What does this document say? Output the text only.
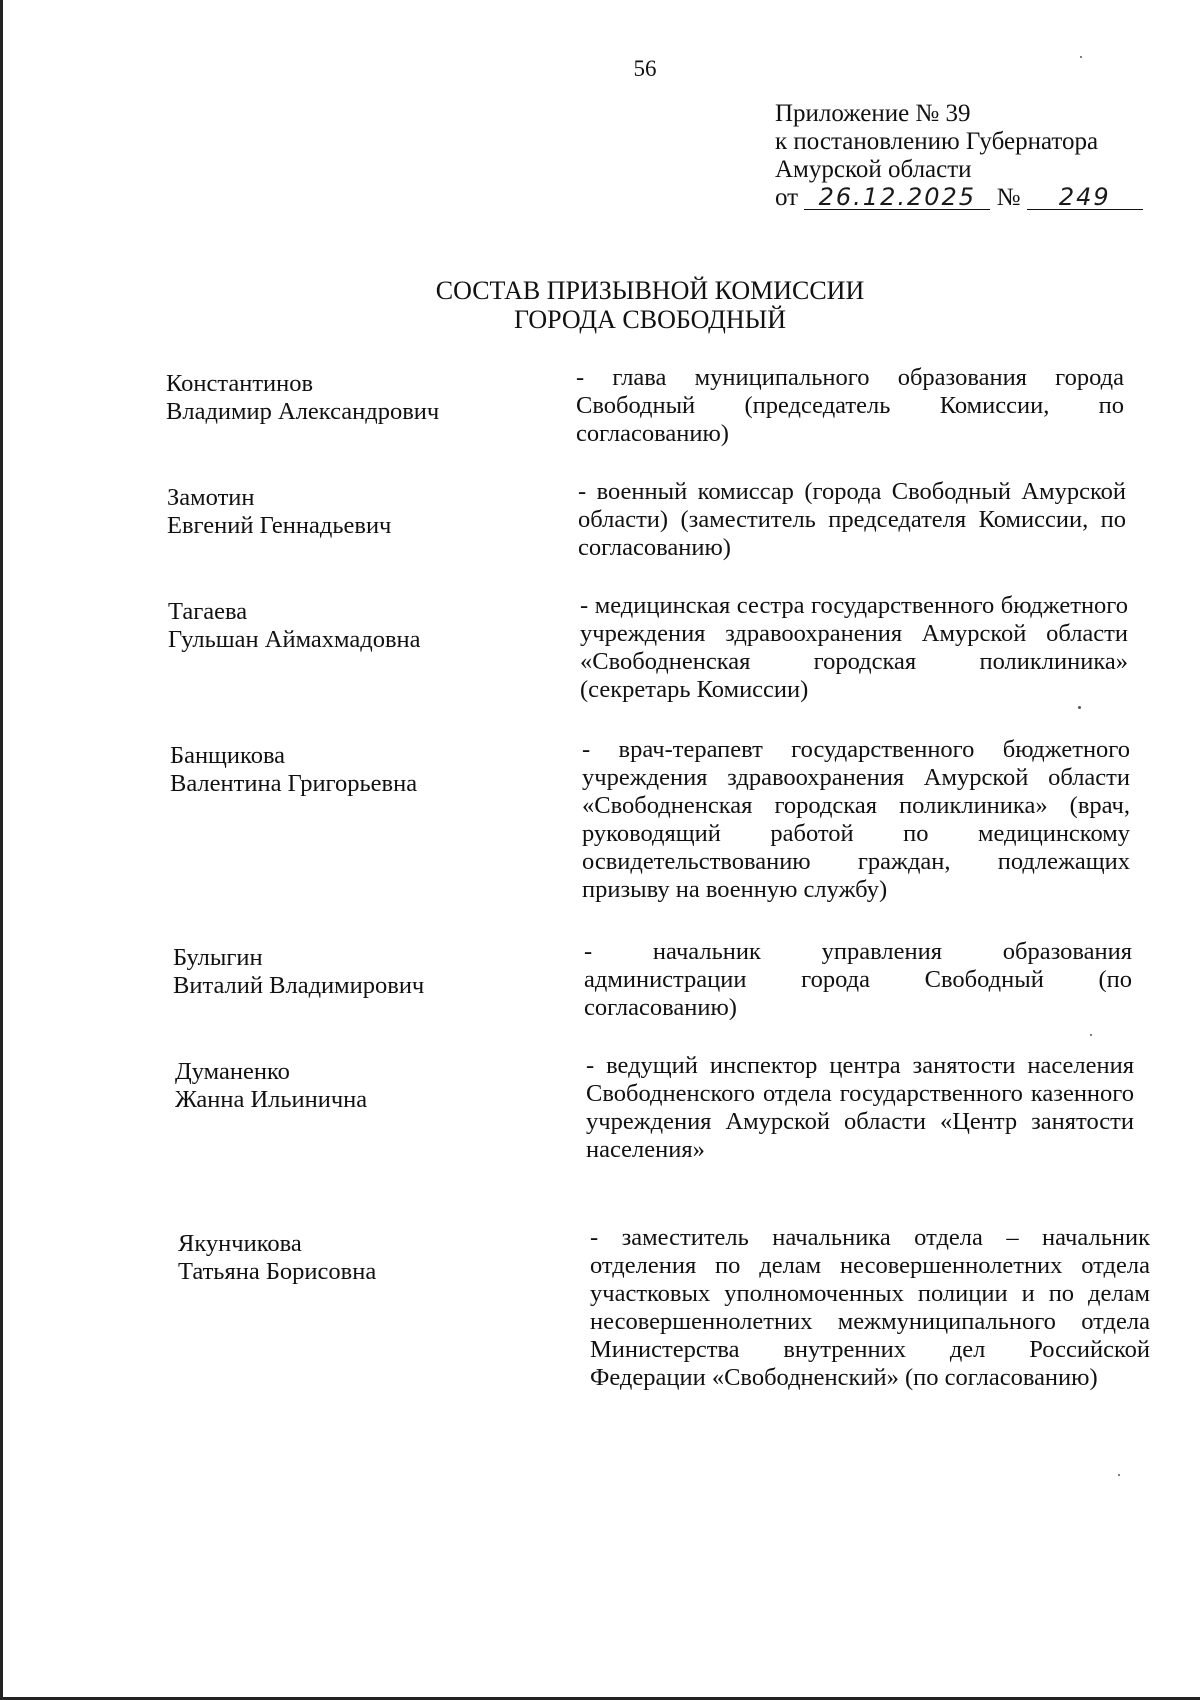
56
Приложение № 39
к постановлению Губернатора
Амурской области
от 26.12.2025 № 249
СОСТАВ ПРИЗЫВНОЙ КОМИССИИ
ГОРОДА СВОБОДНЫЙ
Константинов
Владимир Александрович
- глава муниципального образования города Свободный (председатель Комиссии, по согласованию)
Замотин
Евгений Геннадьевич
- военный комиссар (города Свободный Амурской области) (заместитель председателя Комиссии, по согласованию)
Тагаева
Гульшан Аймахмадовна
- медицинская сестра государственного бюджетного учреждения здравоохранения Амурской области «Свободненская городская поликлиника» (секретарь Комиссии)
Банщикова
Валентина Григорьевна
- врач-терапевт государственного бюджетного учреждения здравоохранения Амурской области «Свободненская городская поликлиника» (врач, руководящий работой по медицинскому освидетельствованию граждан, подлежащих призыву на военную службу)
Булыгин
Виталий Владимирович
- начальник управления образования администрации города Свободный (по согласованию)
Думаненко
Жанна Ильинична
- ведущий инспектор центра занятости населения Свободненского отдела государственного казенного учреждения Амурской области «Центр занятости населения»
Якунчикова
Татьяна Борисовна
- заместитель начальника отдела – начальник отделения по делам несовершеннолетних отдела участковых уполномоченных полиции и по делам несовершеннолетних межмуниципального отдела Министерства внутренних дел Российской Федерации «Свободненский» (по согласованию)
